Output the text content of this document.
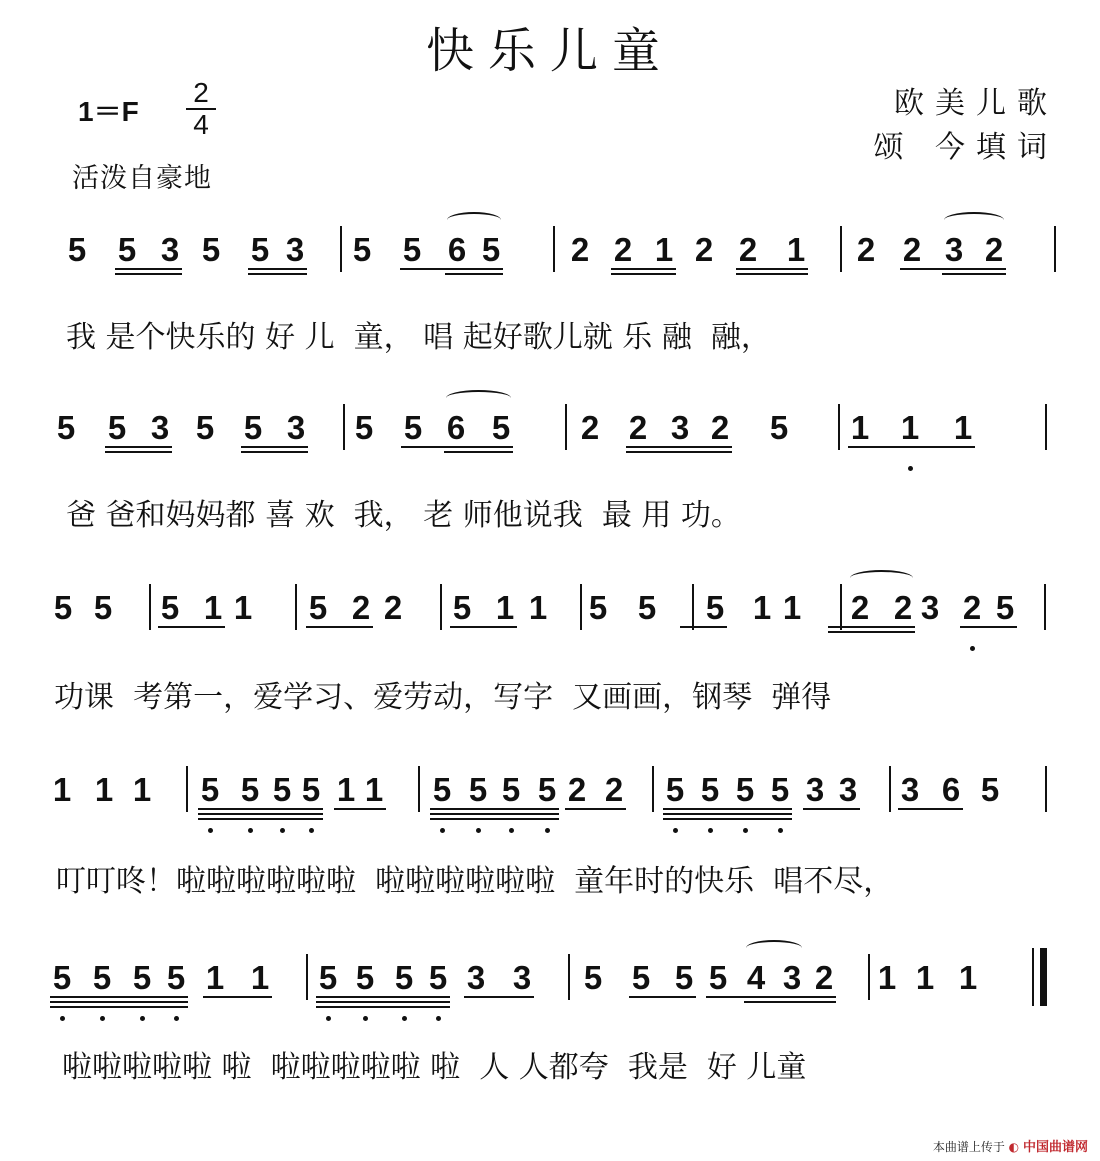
快乐儿童
1＝F
2
4
活泼自豪地
欧美儿歌
颂 今填词
5 5 3 5 5 3 5 5 6 5 2 2 1 2 2 1 2 2 3 2
5 5 3 5 5 3 5 5 6 5 2 2 3 2 5 1 1 1
5 5 5 1 1 5 2 2 5 1 1 5 5 5 1 1 2 2 3 2 5
1 1 1 5 5 5 5 1 1 5 5 5 5 2 2 5 5 5 5 3 3 3 6 5
5 5 5 5 1 1 5 5 5 5 3 3 5 5 5 5 4 3 2 1 1 1
我 是个快乐的 好 儿  童， 唱 起好歌儿就 乐 融  融，
爸 爸和妈妈都 喜 欢  我， 老 师他说我  最 用 功。
功课  考第一，爱学习、爱劳动，写字  又画画，钢琴  弹得
叮叮咚！啦啦啦啦啦啦  啦啦啦啦啦啦  童年时的快乐  唱不尽，
啦啦啦啦啦 啦  啦啦啦啦啦 啦  人 人都夸  我是  好 儿童
本曲谱上传于 ◐ 中国曲谱网
